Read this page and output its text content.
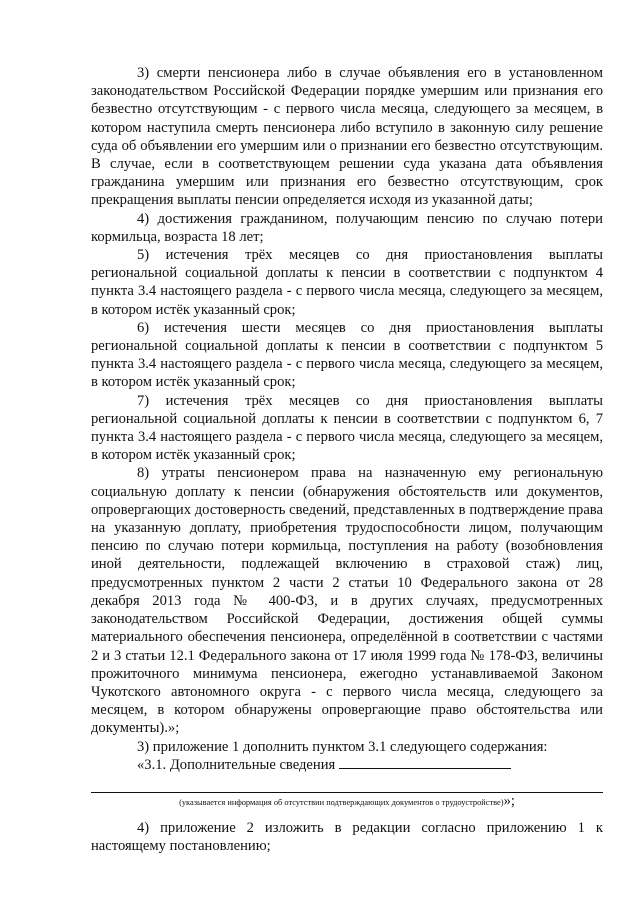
3) смерти пенсионера либо в случае объявления его в установленном законодательством Российской Федерации порядке умершим или признания его безвестно отсутствующим - с первого числа месяца, следующего за месяцем, в котором наступила смерть пенсионера либо вступило в законную силу решение суда об объявлении его умершим или о признании его безвестно отсутствующим. В случае, если в соответствующем решении суда указана дата объявления гражданина умершим или признания его безвестно отсутствующим, срок прекращения выплаты пенсии определяется исходя из указанной даты;

4) достижения гражданином, получающим пенсию по случаю потери кормильца, возраста 18 лет;

5) истечения трёх месяцев со дня приостановления выплаты региональной социальной доплаты к пенсии в соответствии с подпунктом 4 пункта 3.4 настоящего раздела - с первого числа месяца, следующего за месяцем, в котором истёк указанный срок;

6) истечения шести месяцев со дня приостановления выплаты региональной социальной доплаты к пенсии в соответствии с подпунктом 5 пункта 3.4 настоящего раздела - с первого числа месяца, следующего за месяцем, в котором истёк указанный срок;

7) истечения трёх месяцев со дня приостановления выплаты региональной социальной доплаты к пенсии в соответствии с подпунктом 6, 7 пункта 3.4 настоящего раздела - с первого числа месяца, следующего за месяцем, в котором истёк указанный срок;

8) утраты пенсионером права на назначенную ему региональную социальную доплату к пенсии (обнаружения обстоятельств или документов, опровергающих достоверность сведений, представленных в подтверждение права на указанную доплату, приобретения трудоспособности лицом, получающим пенсию по случаю потери кормильца, поступления на работу (возобновления иной деятельности, подлежащей включению в страховой стаж) лиц, предусмотренных пунктом 2 части 2 статьи 10 Федерального закона от 28 декабря 2013 года № 400-ФЗ, и в других случаях, предусмотренных законодательством Российской Федерации, достижения общей суммы материального обеспечения пенсионера, определённой в соответствии с частями 2 и 3 статьи 12.1 Федерального закона от 17 июля 1999 года № 178-ФЗ, величины прожиточного минимума пенсионера, ежегодно устанавливаемой Законом Чукотского автономного округа - с первого числа месяца, следующего за месяцем, в котором обнаружены опровергающие право обстоятельства или документы).»;

3) приложение 1 дополнить пунктом 3.1 следующего содержания:

«3.1. Дополнительные сведения

(указывается информация об отсутствии подтверждающих документов о трудоустройстве)»;

4) приложение 2 изложить в редакции согласно приложению 1 к настоящему постановлению;
